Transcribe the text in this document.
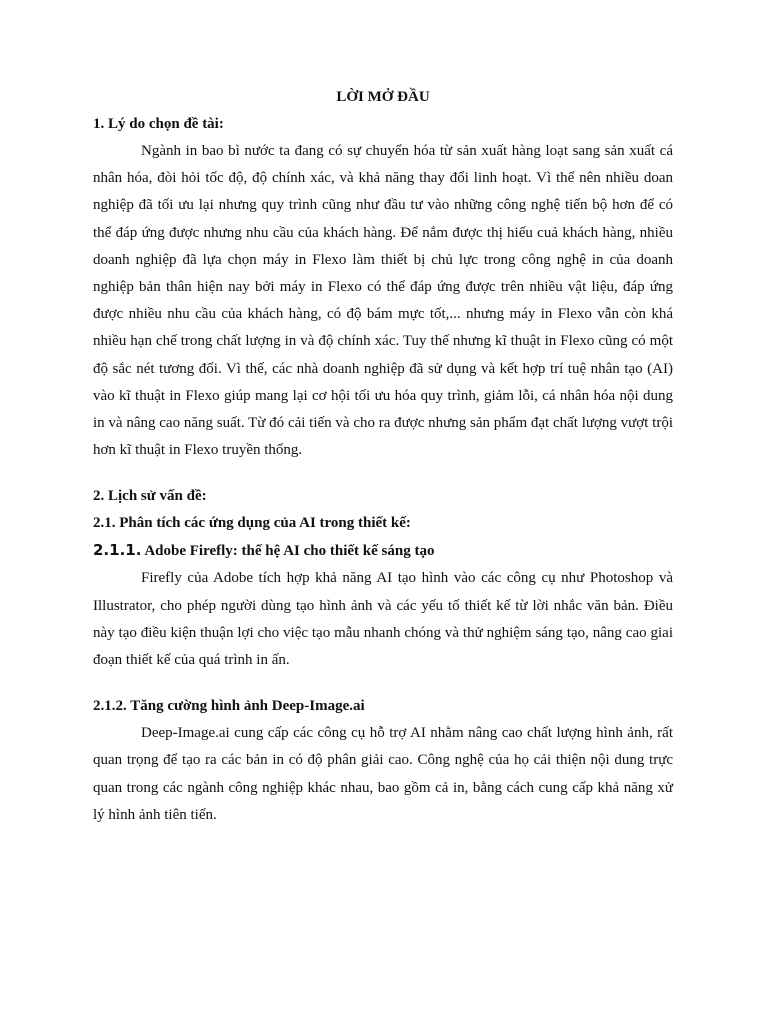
LỜI MỞ ĐẦU

1. Lý do chọn đề tài:

Ngành in bao bì nước ta đang có sự chuyển hóa từ sản xuất hàng loạt sang sản xuất cá nhân hóa, đòi hỏi tốc độ, độ chính xác, và khả năng thay đổi linh hoạt. Vì thế nên nhiều doan nghiệp đã tối ưu lại nhưng quy trình cũng như đầu tư vào những công nghệ tiến bộ hơn để có thể đáp ứng được nhưng nhu cầu của khách hàng. Để nắm được thị hiếu cuả khách hàng, nhiều doanh nghiệp đã lựa chọn máy in Flexo làm thiết bị chủ lực trong công nghệ in của doanh nghiệp bản thân hiện nay bởi máy in Flexo có thể đáp ứng được trên nhiều vật liệu, đáp ứng được nhiều nhu cầu của khách hàng, có độ bám mực tốt,... nhưng máy in Flexo vẫn còn khá nhiều hạn chế trong chất lượng in và độ chính xác. Tuy thế nhưng kĩ thuật in Flexo cũng có một độ sắc nét tương đối. Vì thế, các nhà doanh nghiệp đã sử dụng và kết hợp trí tuệ nhân tạo (AI) vào kĩ thuật in Flexo giúp mang lại cơ hội tối ưu hóa quy trình, giảm lỗi, cá nhân hóa nội dung in và nâng cao năng suất. Từ đó cải tiến và cho ra được nhưng sản phẩm đạt chất lượng vượt trội hơn kĩ thuật in Flexo truyền thống.

2. Lịch sử vấn đề:

2.1. Phân tích các ứng dụng của AI trong thiết kế:

2.1.1. Adobe Firefly: thế hệ AI cho thiết kế sáng tạo

Firefly của Adobe tích hợp khả năng AI tạo hình vào các công cụ như Photoshop và Illustrator, cho phép người dùng tạo hình ảnh và các yếu tố thiết kế từ lời nhắc văn bản. Điều này tạo điều kiện thuận lợi cho việc tạo mẫu nhanh chóng và thử nghiệm sáng tạo, nâng cao giai đoạn thiết kế của quá trình in ấn.

2.1.2. Tăng cường hình ảnh Deep-Image.ai

Deep-Image.ai cung cấp các công cụ hỗ trợ AI nhằm nâng cao chất lượng hình ảnh, rất quan trọng để tạo ra các bản in có độ phân giải cao. Công nghệ của họ cải thiện nội dung trực quan trong các ngành công nghiệp khác nhau, bao gồm cả in, bằng cách cung cấp khả năng xử lý hình ảnh tiên tiến.
